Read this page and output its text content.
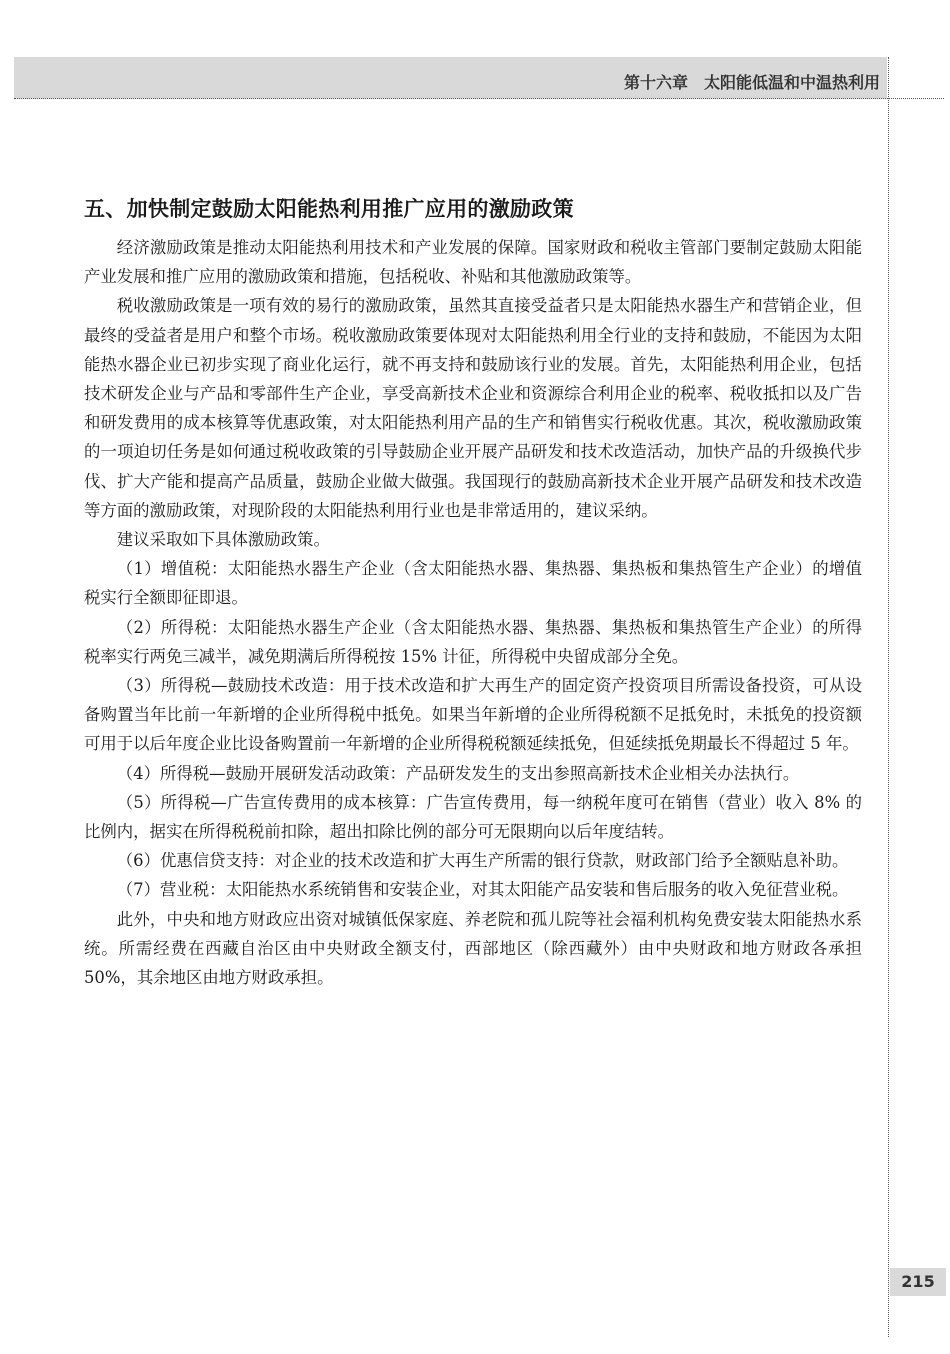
第十六章　太阳能低温和中温热利用
五、加快制定鼓励太阳能热利用推广应用的激励政策

经济激励政策是推动太阳能热利用技术和产业发展的保障。国家财政和税收主管部门要制定鼓励太阳能产业发展和推广应用的激励政策和措施，包括税收、补贴和其他激励政策等。

税收激励政策是一项有效的易行的激励政策，虽然其直接受益者只是太阳能热水器生产和营销企业，但最终的受益者是用户和整个市场。税收激励政策要体现对太阳能热利用全行业的支持和鼓励，不能因为太阳能热水器企业已初步实现了商业化运行，就不再支持和鼓励该行业的发展。首先，太阳能热利用企业，包括技术研发企业与产品和零部件生产企业，享受高新技术企业和资源综合利用企业的税率、税收抵扣以及广告和研发费用的成本核算等优惠政策，对太阳能热利用产品的生产和销售实行税收优惠。其次，税收激励政策的一项迫切任务是如何通过税收政策的引导鼓励企业开展产品研发和技术改造活动，加快产品的升级换代步伐、扩大产能和提高产品质量，鼓励企业做大做强。我国现行的鼓励高新技术企业开展产品研发和技术改造等方面的激励政策，对现阶段的太阳能热利用行业也是非常适用的，建议采纳。

建议采取如下具体激励政策。

（1）增值税：太阳能热水器生产企业（含太阳能热水器、集热器、集热板和集热管生产企业）的增值税实行全额即征即退。

（2）所得税：太阳能热水器生产企业（含太阳能热水器、集热器、集热板和集热管生产企业）的所得税率实行两免三减半，减免期满后所得税按 15% 计征，所得税中央留成部分全免。

（3）所得税—鼓励技术改造：用于技术改造和扩大再生产的固定资产投资项目所需设备投资，可从设备购置当年比前一年新增的企业所得税中抵免。如果当年新增的企业所得税额不足抵免时，未抵免的投资额可用于以后年度企业比设备购置前一年新增的企业所得税税额延续抵免，但延续抵免期最长不得超过 5 年。

（4）所得税—鼓励开展研发活动政策：产品研发发生的支出参照高新技术企业相关办法执行。

（5）所得税—广告宣传费用的成本核算：广告宣传费用，每一纳税年度可在销售（营业）收入 8% 的比例内，据实在所得税税前扣除，超出扣除比例的部分可无限期向以后年度结转。

（6）优惠信贷支持：对企业的技术改造和扩大再生产所需的银行贷款，财政部门给予全额贴息补助。

（7）营业税：太阳能热水系统销售和安装企业，对其太阳能产品安装和售后服务的收入免征营业税。

此外，中央和地方财政应出资对城镇低保家庭、养老院和孤儿院等社会福利机构免费安装太阳能热水系统。所需经费在西藏自治区由中央财政全额支付，西部地区（除西藏外）由中央财政和地方财政各承担 50%，其余地区由地方财政承担。

215
